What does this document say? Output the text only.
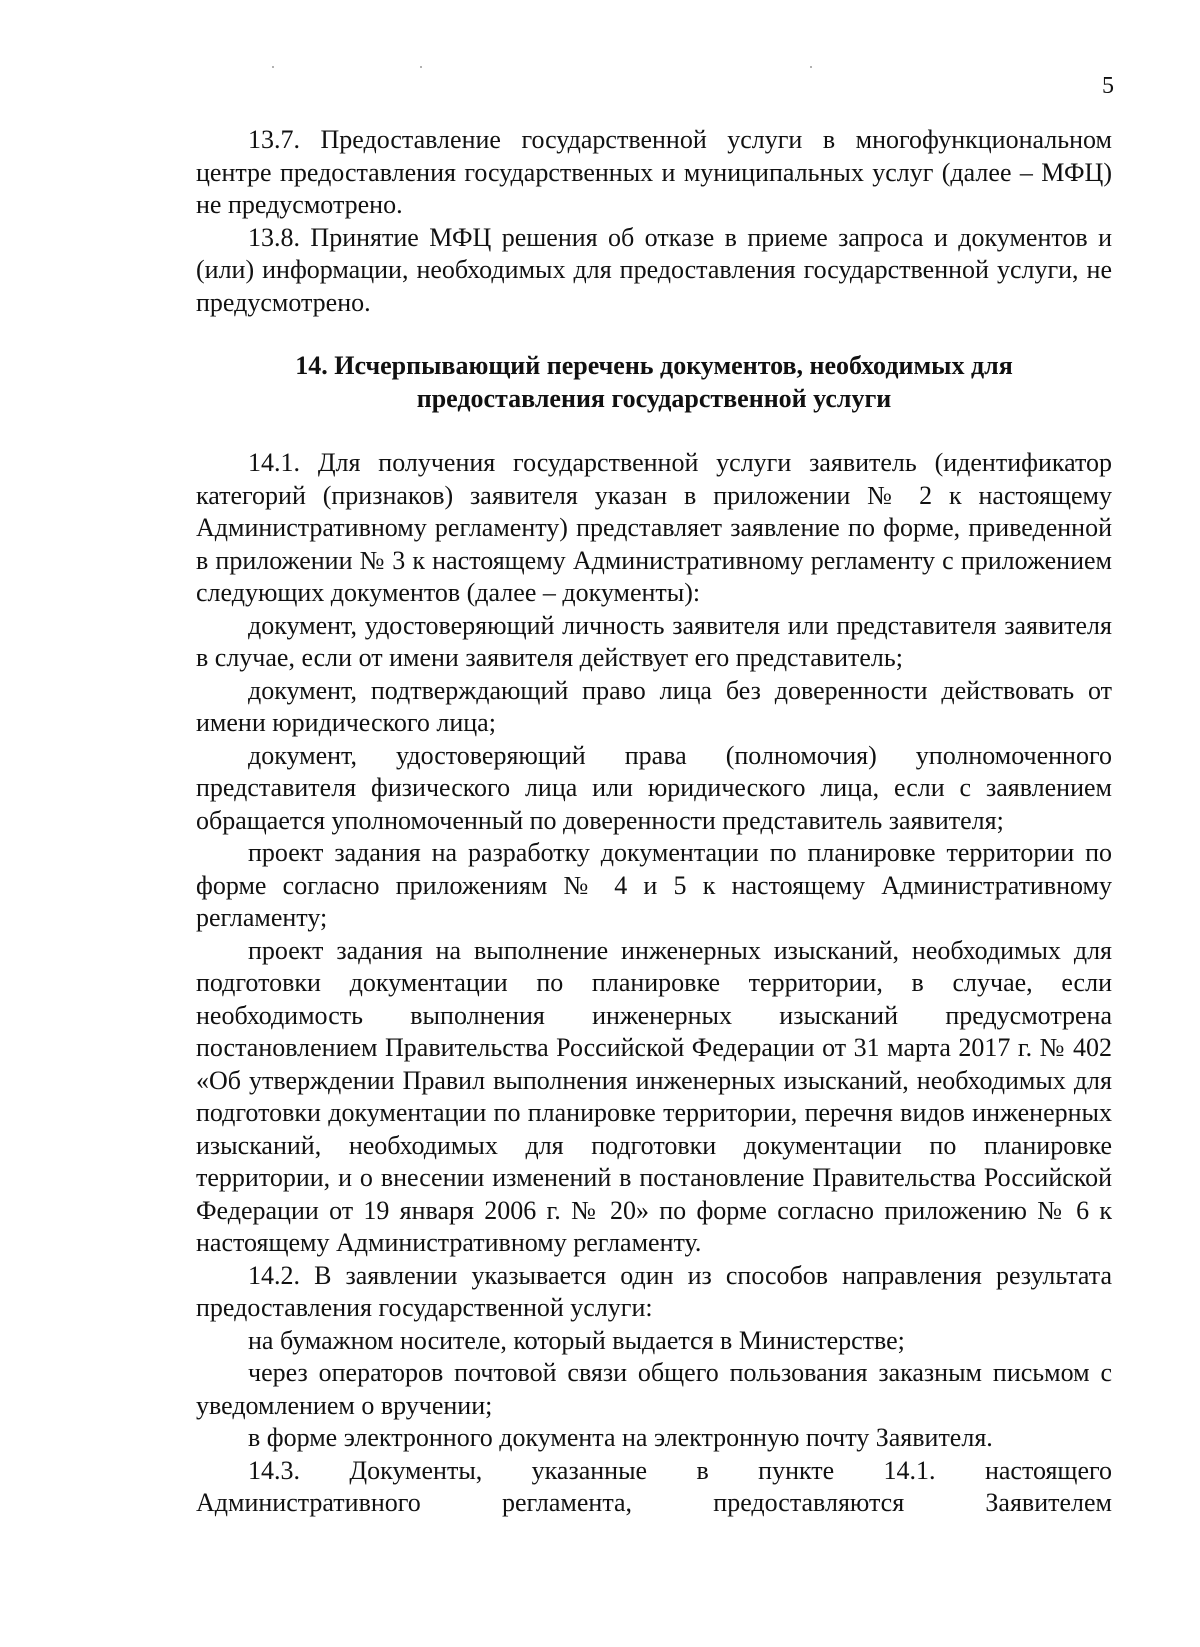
5

13.7. Предоставление государственной услуги в многофункциональном центре предоставления государственных и муниципальных услуг (далее – МФЦ) не предусмотрено.

13.8. Принятие МФЦ решения об отказе в приеме запроса и документов и (или) информации, необходимых для предоставления государственной услуги, не предусмотрено.

14. Исчерпывающий перечень документов, необходимых для
предоставления государственной услуги

14.1. Для получения государственной услуги заявитель (идентификатор категорий (признаков) заявителя указан в приложении № 2 к настоящему Административному регламенту) представляет заявление по форме, приведенной в приложении № 3 к настоящему Административному регламенту с приложением следующих документов (далее – документы):

документ, удостоверяющий личность заявителя или представителя заявителя в случае, если от имени заявителя действует его представитель;

документ, подтверждающий право лица без доверенности действовать от имени юридического лица;

документ, удостоверяющий права (полномочия) уполномоченного представителя физического лица или юридического лица, если с заявлением обращается уполномоченный по доверенности представитель заявителя;

проект задания на разработку документации по планировке территории по форме согласно приложениям № 4 и 5 к настоящему Административному регламенту;

проект задания на выполнение инженерных изысканий, необходимых для подготовки документации по планировке территории, в случае, если необходимость выполнения инженерных изысканий предусмотрена постановлением Правительства Российской Федерации от 31 марта 2017 г. № 402 «Об утверждении Правил выполнения инженерных изысканий, необходимых для подготовки документации по планировке территории, перечня видов инженерных изысканий, необходимых для подготовки документации по планировке территории, и о внесении изменений в постановление Правительства Российской Федерации от 19 января 2006 г. № 20» по форме согласно приложению № 6 к настоящему Административному регламенту.

14.2. В заявлении указывается один из способов направления результата предоставления государственной услуги:

на бумажном носителе, который выдается в Министерстве;

через операторов почтовой связи общего пользования заказным письмом с уведомлением о вручении;

в форме электронного документа на электронную почту Заявителя.

14.3. Документы, указанные в пункте 14.1. настоящего

Административного регламента, предоставляются Заявителем
